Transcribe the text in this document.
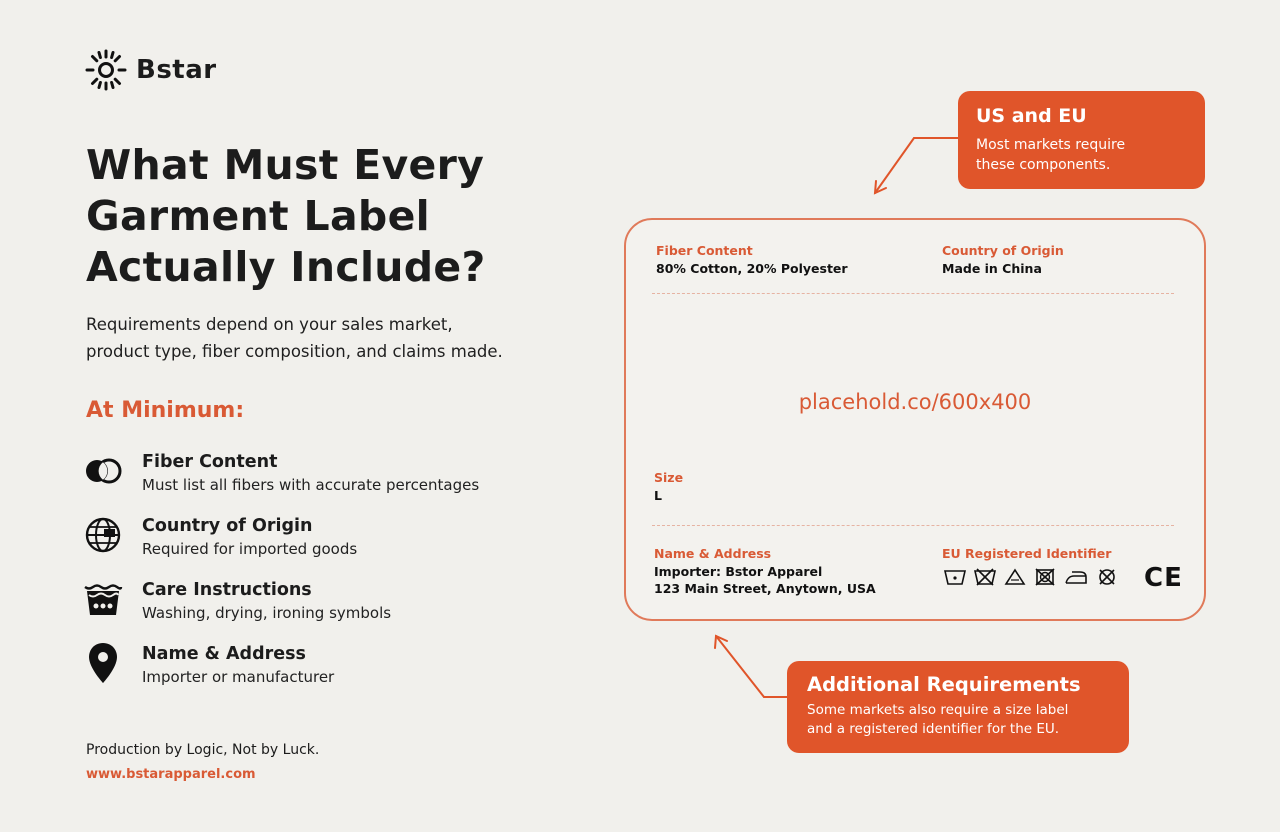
Bstar
What Must Every
Garment Label
Actually Include?

Requirements depend on your sales market,
product type, fiber composition, and claims made.

At Minimum:
Fiber Content
Must list all fibers with accurate percentages
Country of Origin
Required for imported goods
Care Instructions
Washing, drying, ironing symbols
Name & Address
Importer or manufacturer
Production by Logic, Not by Luck.
www.bstarapparel.com
US and EU
Most markets require
these components.
Fiber Content
80% Cotton, 20% Polyester
Country of Origin
Made in China
placehold.co/600x400
Size
L
Name & Address
Importer: Bstor Apparel
123 Main Street, Anytown, USA
EU Registered Identifier
CE
Additional Requirements
Some markets also require a size label
and a registered identifier for the EU.
